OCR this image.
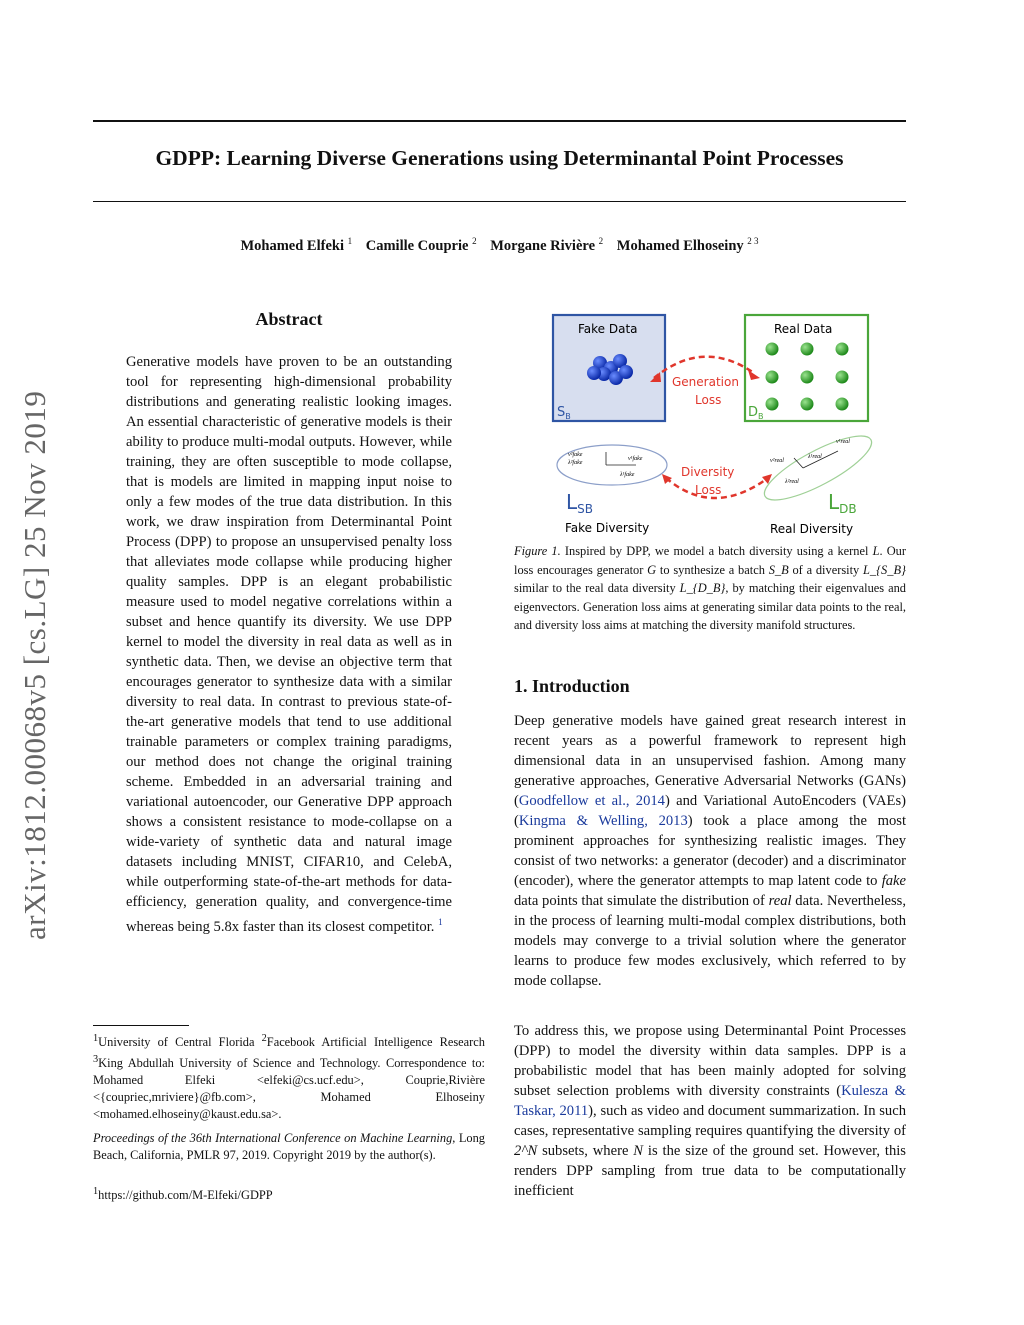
GDPP: Learning Diverse Generations using Determinantal Point Processes
Mohamed Elfeki $^1$ Camille Couprie $^2$ Morgane Rivière $^2$ Mohamed Elhoseiny $^{2 3}$
arXiv:1812.00068v5 [cs.LG] 25 Nov 2019
Abstract
Generative models have proven to be an outstanding tool for representing high-dimensional probability distributions and generating realistic looking images. An essential characteristic of generative models is their ability to produce multi-modal outputs. However, while training, they are often susceptible to mode collapse, that is models are limited in mapping input noise to only a few modes of the true data distribution. In this work, we draw inspiration from Determinantal Point Process (DPP) to propose an unsupervised penalty loss that alleviates mode collapse while producing higher quality samples. DPP is an elegant probabilistic measure used to model negative correlations within a subset and hence quantify its diversity. We use DPP kernel to model the diversity in real data as well as in synthetic data. Then, we devise an objective term that encourages generator to synthesize data with a similar diversity to real data. In contrast to previous state-of-the-art generative models that tend to use additional trainable parameters or complex training paradigms, our method does not change the original training scheme. Embedded in an adversarial training and variational autoencoder, our Generative DPP approach shows a consistent resistance to mode-collapse on a wide-variety of synthetic data and natural image datasets including MNIST, CIFAR10, and CelebA, while outperforming state-of-the-art methods for data-efficiency, generation quality, and convergence-time whereas being 5.8x faster than its closest competitor. $^1$
$^1$University of Central Florida $^2$Facebook Artificial Intelligence Research $^3$King Abdullah University of Science and Technology. Correspondence to: Mohamed Elfeki <elfeki@cs.ucf.edu>, Couprie,Rivière <{coupriec,mriviere}@fb.com>, Mohamed Elhoseiny <mohamed.elhoseiny@kaust.edu.sa>.
Proceedings of the 36th International Conference on Machine Learning, Long Beach, California, PMLR 97, 2019. Copyright 2019 by the author(s).
$^1$https://github.com/M-Elfeki/GDPP
Fake Data
$S_B$
Real Data
$D_B$
Generation
Loss
v²fake
λ²fake
v¹fake
λ¹fake
v²real
λ¹real
λ²real
v¹real
Diversity
Loss
$L_{SB}$	$L_{DB}$
Fake Diversity	Real Diversity
Figure 1. Inspired by DPP, we model a batch diversity using a kernel L. Our loss encourages generator G to synthesize a batch S_B of a diversity L_{S_B} similar to the real data diversity L_{D_B}, by matching their eigenvalues and eigenvectors. Generation loss aims at generating similar data points to the real, and diversity loss aims at matching the diversity manifold structures.
1. Introduction
Deep generative models have gained great research interest in recent years as a powerful framework to represent high dimensional data in an unsupervised fashion. Among many generative approaches, Generative Adversarial Networks (GANs) (Goodfellow et al., 2014) and Variational AutoEncoders (VAEs) (Kingma & Welling, 2013) took a place among the most prominent approaches for synthesizing realistic images. They consist of two networks: a generator (decoder) and a discriminator (encoder), where the generator attempts to map latent code to fake data points that simulate the distribution of real data. Nevertheless, in the process of learning multi-modal complex distributions, both models may converge to a trivial solution where the generator learns to produce few modes exclusively, which referred to by mode collapse.
To address this, we propose using Determinantal Point Processes (DPP) to model the diversity within data samples. DPP is a probabilistic model that has been mainly adopted for solving subset selection problems with diversity constraints (Kulesza & Taskar, 2011), such as video and document summarization. In such cases, representative sampling requires quantifying the diversity of 2^N subsets, where N is the size of the ground set. However, this renders DPP sampling from true data to be computationally inefficient
